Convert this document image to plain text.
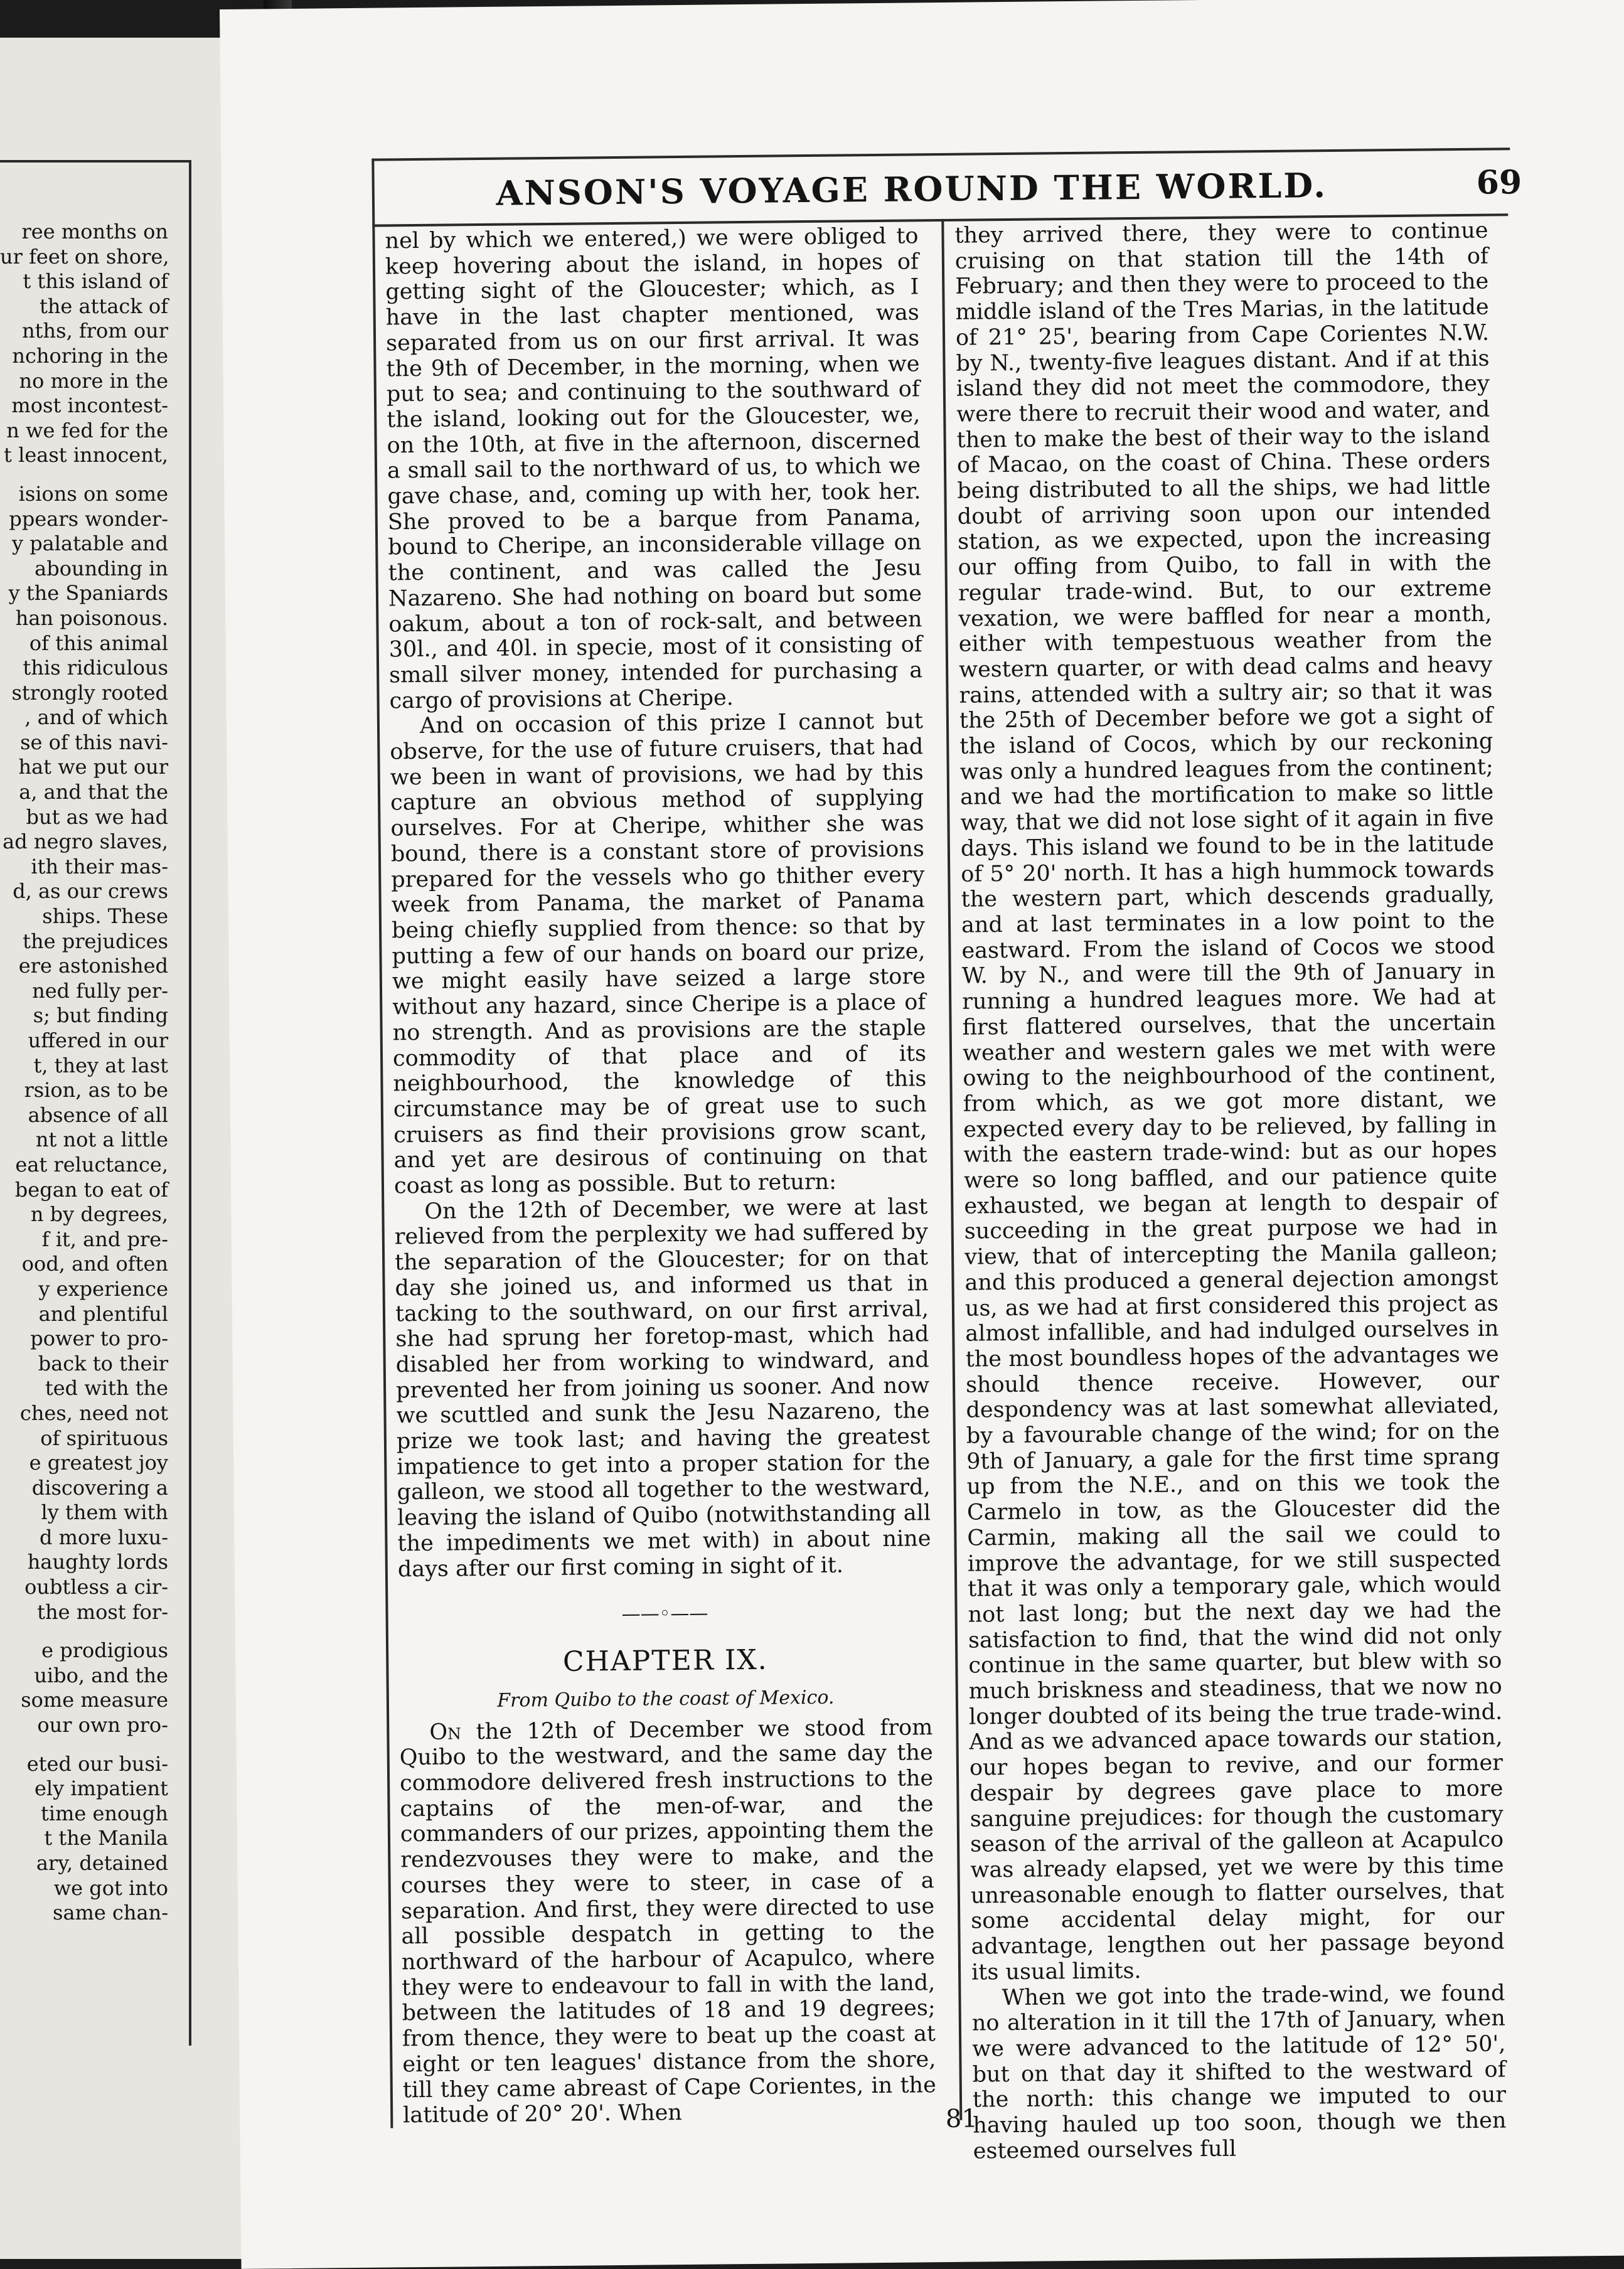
ree months on
ur feet on shore,
t this island of
the attack of
nths, from our
nchoring in the
no more in the
most incontest-
n we fed for the
t least innocent,
isions on some
ppears wonder-
y palatable and
abounding in
y the Spaniards
han poisonous.
of this animal
this ridiculous
strongly rooted
, and of which
se of this navi-
hat we put our
a, and that the
but as we had
ad negro slaves,
ith their mas-
d, as our crews
ships. These
the prejudices
ere astonished
ned fully per-
s; but finding
uffered in our
t, they at last
rsion, as to be
absence of all
nt not a little
eat reluctance,
began to eat of
n by degrees,
f it, and pre-
ood, and often
y experience
and plentiful
power to pro-
back to their
ted with the
ches, need not
of spirituous
e greatest joy
discovering a
ly them with
d more luxu-
haughty lords
oubtless a cir-
the most for-
e prodigious
uibo, and the
some measure
our own pro-
eted our busi-
ely impatient
time enough
t the Manila
ary, detained
we got into
same chan-
ANSON'S VOYAGE ROUND THE WORLD.	69

nel by which we entered,) we were obliged to keep hovering about the island, in hopes of getting sight of the Gloucester; which, as I have in the last chapter mentioned, was separated from us on our first arrival. It was the 9th of December, in the morning, when we put to sea; and continuing to the southward of the island, looking out for the Gloucester, we, on the 10th, at five in the afternoon, discerned a small sail to the northward of us, to which we gave chase, and, coming up with her, took her. She proved to be a barque from Panama, bound to Cheripe, an inconsiderable village on the continent, and was called the Jesu Nazareno. She had nothing on board but some oakum, about a ton of rock-salt, and between 30l., and 40l. in specie, most of it consisting of small silver money, intended for purchasing a cargo of provisions at Cheripe.

And on occasion of this prize I cannot but observe, for the use of future cruisers, that had we been in want of provisions, we had by this capture an obvious method of supplying ourselves. For at Cheripe, whither she was bound, there is a constant store of provisions prepared for the vessels who go thither every week from Panama, the market of Panama being chiefly supplied from thence: so that by putting a few of our hands on board our prize, we might easily have seized a large store without any hazard, since Cheripe is a place of no strength. And as provisions are the staple commodity of that place and of its neighbourhood, the knowledge of this circumstance may be of great use to such cruisers as find their provisions grow scant, and yet are desirous of continuing on that coast as long as possible. But to return:

On the 12th of December, we were at last relieved from the perplexity we had suffered by the separation of the Gloucester; for on that day she joined us, and informed us that in tacking to the southward, on our first arrival, she had sprung her foretop-mast, which had disabled her from working to windward, and prevented her from joining us sooner. And now we scuttled and sunk the Jesu Nazareno, the prize we took last; and having the greatest impatience to get into a proper station for the galleon, we stood all together to the westward, leaving the island of Quibo (notwithstanding all the impediments we met with) in about nine days after our first coming in sight of it.

——◦——
CHAPTER IX.
From Quibo to the coast of Mexico.

On the 12th of December we stood from Quibo to the westward, and the same day the commodore delivered fresh instructions to the captains of the men-of-war, and the commanders of our prizes, appointing them the rendezvouses they were to make, and the courses they were to steer, in case of a separation. And first, they were directed to use all possible despatch in getting to the northward of the harbour of Acapulco, where they were to endeavour to fall in with the land, between the latitudes of 18 and 19 degrees; from thence, they were to beat up the coast at eight or ten leagues' distance from the shore, till they came abreast of Cape Corientes, in the latitude of 20° 20'. When

they arrived there, they were to continue cruising on that station till the 14th of February; and then they were to proceed to the middle island of the Tres Marias, in the latitude of 21° 25', bearing from Cape Corientes N.W. by N., twenty-five leagues distant. And if at this island they did not meet the commodore, they were there to recruit their wood and water, and then to make the best of their way to the island of Macao, on the coast of China. These orders being distributed to all the ships, we had little doubt of arriving soon upon our intended station, as we expected, upon the increasing our offing from Quibo, to fall in with the regular trade-wind. But, to our extreme vexation, we were baffled for near a month, either with tempestuous weather from the western quarter, or with dead calms and heavy rains, attended with a sultry air; so that it was the 25th of December before we got a sight of the island of Cocos, which by our reckoning was only a hundred leagues from the continent; and we had the mortification to make so little way, that we did not lose sight of it again in five days. This island we found to be in the latitude of 5° 20' north. It has a high hummock towards the western part, which descends gradually, and at last terminates in a low point to the eastward. From the island of Cocos we stood W. by N., and were till the 9th of January in running a hundred leagues more. We had at first flattered ourselves, that the uncertain weather and western gales we met with were owing to the neighbourhood of the continent, from which, as we got more distant, we expected every day to be relieved, by falling in with the eastern trade-wind: but as our hopes were so long baffled, and our patience quite exhausted, we began at length to despair of succeeding in the great purpose we had in view, that of intercepting the Manila galleon; and this produced a general dejection amongst us, as we had at first considered this project as almost infallible, and had indulged ourselves in the most boundless hopes of the advantages we should thence receive. However, our despondency was at last somewhat alleviated, by a favourable change of the wind; for on the 9th of January, a gale for the first time sprang up from the N.E., and on this we took the Carmelo in tow, as the Gloucester did the Carmin, making all the sail we could to improve the advantage, for we still suspected that it was only a temporary gale, which would not last long; but the next day we had the satisfaction to find, that the wind did not only continue in the same quarter, but blew with so much briskness and steadiness, that we now no longer doubted of its being the true trade-wind. And as we advanced apace towards our station, our hopes began to revive, and our former despair by degrees gave place to more sanguine prejudices: for though the customary season of the arrival of the galleon at Acapulco was already elapsed, yet we were by this time unreasonable enough to flatter ourselves, that some accidental delay might, for our advantage, lengthen out her passage beyond its usual limits.

When we got into the trade-wind, we found no alteration in it till the 17th of January, when we were advanced to the latitude of 12° 50', but on that day it shifted to the westward of the north: this change we imputed to our having hauled up too soon, though we then esteemed ourselves full

81
